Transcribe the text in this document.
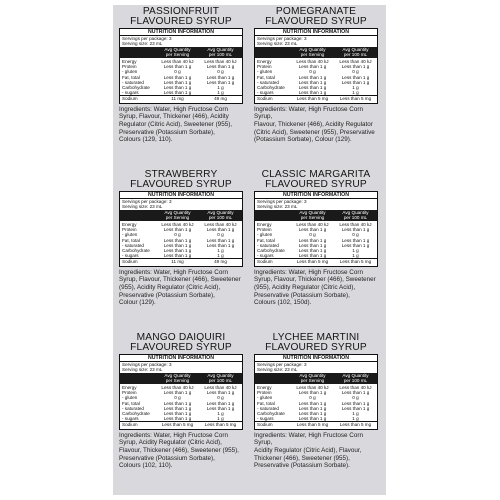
PASSIONFRUIT
FLAVOURED SYRUP
NUTRITION INFORMATION
Servings per package: 3
Serving size: 23 mL
Avg Quantity
per Serving
Avg Quantity
per 100 mL
Energy	Less than 40 kJ	Less than 40 kJ
Protein	Less than 1 g	Less than 1 g
- gluten	0 g	0 g
Fat, total	Less than 1 g	Less than 1 g
- saturated	Less than 1 g	Less than 1 g
Carbohydrate	Less than 1 g	1 g
- sugars	Less than 1 g	1 g
Sodium	11 mg	49 mg
Ingredients: Water, High Fructose Corn
Syrup, Flavour, Thickener (466), Acidity
Regulator (Citric Acid), Sweetener (955),
Preservative (Potassium Sorbate),
Colours (129, 110).
POMEGRANATE
FLAVOURED SYRUP
NUTRITION INFORMATION
Servings per package: 3
Serving size: 23 mL
Avg Quantity
per Serving
Avg Quantity
per 100 mL
Energy	Less than 40 kJ	Less than 40 kJ
Protein	Less than 1 g	Less than 1 g
- gluten	0 g	0 g
Fat, total	Less than 1 g	Less than 1 g
- saturated	Less than 1 g	Less than 1 g
Carbohydrate	Less than 1 g	1 g
- sugars	Less than 1 g	1 g
Sodium	Less than 5 mg	Less than 5 mg
Ingredients: Water, High Fructose Corn Syrup,
Flavour, Thickener (466), Acidity Regulator
(Citric Acid), Sweetener (955), Preservative
(Potassium Sorbate), Colour (129).
STRAWBERRY
FLAVOURED SYRUP
NUTRITION INFORMATION
Servings per package: 3
Serving size: 23 mL
Avg Quantity
per Serving
Avg Quantity
per 100 mL
Energy	Less than 40 kJ	Less than 40 kJ
Protein	Less than 1 g	Less than 1 g
- gluten	0 g	0 g
Fat, total	Less than 1 g	Less than 1 g
- saturated	Less than 1 g	Less than 1 g
Carbohydrate	Less than 1 g	1 g
- sugars	Less than 1 g	1 g
Sodium	11 mg	49 mg
Ingredients: Water, High Fructose Corn
Syrup, Flavour, Thickener (466), Sweetener
(955), Acidity Regulator (Citric Acid),
Preservative (Potassium Sorbate),
Colour (129).
CLASSIC MARGARITA
FLAVOURED SYRUP
NUTRITION INFORMATION
Servings per package: 3
Serving size: 23 mL
Avg Quantity
per Serving
Avg Quantity
per 100 mL
Energy	Less than 40 kJ	Less than 40 kJ
Protein	Less than 1 g	Less than 1 g
- gluten	0 g	0 g
Fat, total	Less than 1 g	Less than 1 g
- saturated	Less than 1 g	Less than 1 g
Carbohydrate	Less than 1 g	1 g
- sugars	Less than 1 g	1 g
Sodium	Less than 5 mg	Less than 5 mg
Ingredients: Water, High Fructose Corn
Syrup, Flavour, Thickener (466), Sweetener
(955), Acidity Regulator (Citric Acid),
Preservative (Potassium Sorbate),
Colours (102, 150d).
MANGO DAIQUIRI
FLAVOURED SYRUP
NUTRITION INFORMATION
Servings per package: 3
Serving size: 23 mL
Avg Quantity
per Serving
Avg Quantity
per 100 mL
Energy	Less than 40 kJ	Less than 40 kJ
Protein	Less than 1 g	Less than 1 g
- gluten	0 g	0 g
Fat, total	Less than 1 g	Less than 1 g
- saturated	Less than 1 g	Less than 1 g
Carbohydrate	Less than 1 g	1 g
- sugars	Less than 1 g	1 g
Sodium	Less than 5 mg	Less than 5 mg
Ingredients: Water, High Fructose Corn
Syrup, Acidity Regulator (Citric Acid),
Flavour, Thickener (466), Sweetener (955),
Preservative (Potassium Sorbate),
Colours (102, 110).
LYCHEE MARTINI
FLAVOURED SYRUP
NUTRITION INFORMATION
Servings per package: 3
Serving size: 23 mL
Avg Quantity
per Serving
Avg Quantity
per 100 mL
Energy	Less than 40 kJ	Less than 40 kJ
Protein	Less than 1 g	Less than 1 g
- gluten	0 g	0 g
Fat, total	Less than 1 g	Less than 1 g
- saturated	Less than 1 g	Less than 1 g
Carbohydrate	Less than 1 g	1 g
- sugars	Less than 1 g	1 g
Sodium	Less than 5 mg	Less than 5 mg
Ingredients: Water, High Fructose Corn Syrup,
Acidity Regulator (Citric Acid), Flavour,
Thickener (466), Sweetener (955),
Preservative (Potassium Sorbate).
